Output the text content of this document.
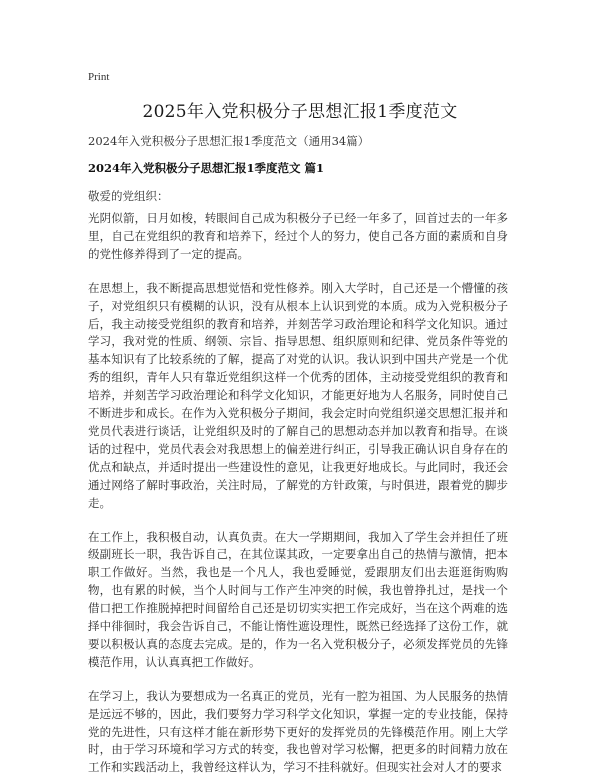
Print
2025年入党积极分子思想汇报1季度范文
2024年入党积极分子思想汇报1季度范文（通用34篇）
2024年入党积极分子思想汇报1季度范文 篇1
敬爱的党组织：

光阴似箭，日月如梭，转眼间自己成为积极分子已经一年多了，回首过去的一年多里，自己在党组织的教育和培养下，经过个人的努力，使自己各方面的素质和自身的党性修养得到了一定的提高。

在思想上，我不断提高思想觉悟和党性修养。刚入大学时，自己还是一个懵懂的孩子，对党组织只有模糊的认识，没有从根本上认识到党的本质。成为入党积极分子后，我主动接受党组织的教育和培养，并刻苦学习政治理论和科学文化知识。通过学习，我对党的性质、纲领、宗旨、指导思想、组织原则和纪律、党员条件等党的基本知识有了比较系统的了解，提高了对党的认识。我认识到中国共产党是一个优秀的组织，青年人只有靠近党组织这样一个优秀的团体，主动接受党组织的教育和培养，并刻苦学习政治理论和科学文化知识，才能更好地为人名服务，同时使自己不断进步和成长。在作为入党积极分子期间，我会定时向党组织递交思想汇报并和党员代表进行谈话，让党组织及时的了解自己的思想动态并加以教育和指导。在谈话的过程中，党员代表会对我思想上的偏差进行纠正，引导我正确认识自身存在的优点和缺点，并适时提出一些建设性的意见，让我更好地成长。与此同时，我还会通过网络了解时事政治，关注时局，了解党的方针政策，与时俱进，跟着党的脚步走。

在工作上，我积极自动，认真负责。在大一学期期间，我加入了学生会并担任了班级副班长一职，我告诉自己，在其位谋其政，一定要拿出自己的热情与激情，把本职工作做好。当然，我也是一个凡人，我也爱睡觉，爱跟朋友们出去逛逛街购购物，也有累的时候，当个人时间与工作产生冲突的时候，我也曾挣扎过，是找一个借口把工作推脱掉把时间留给自己还是切切实实把工作完成好，当在这个两难的选择中徘徊时，我会告诉自己，不能让惰性遮设理性，既然已经选择了这份工作，就要以积极认真的态度去完成。是的，作为一名入党积极分子，必须发挥党员的先锋模范作用，认认真真把工作做好。

在学习上，我认为要想成为一名真正的党员，光有一腔为祖国、为人民服务的热情是远远不够的，因此，我们要努力学习科学文化知识，掌握一定的专业技能，保持党的先进性，只有这样才能在新形势下更好的发挥党员的先锋模范作用。刚上大学时，由于学习环境和学习方式的转变，我也曾对学习松懈，把更多的时间精力放在工作和实践活动上，我曾经这样认为，学习不挂科就好。但现实社会对人才的要求
